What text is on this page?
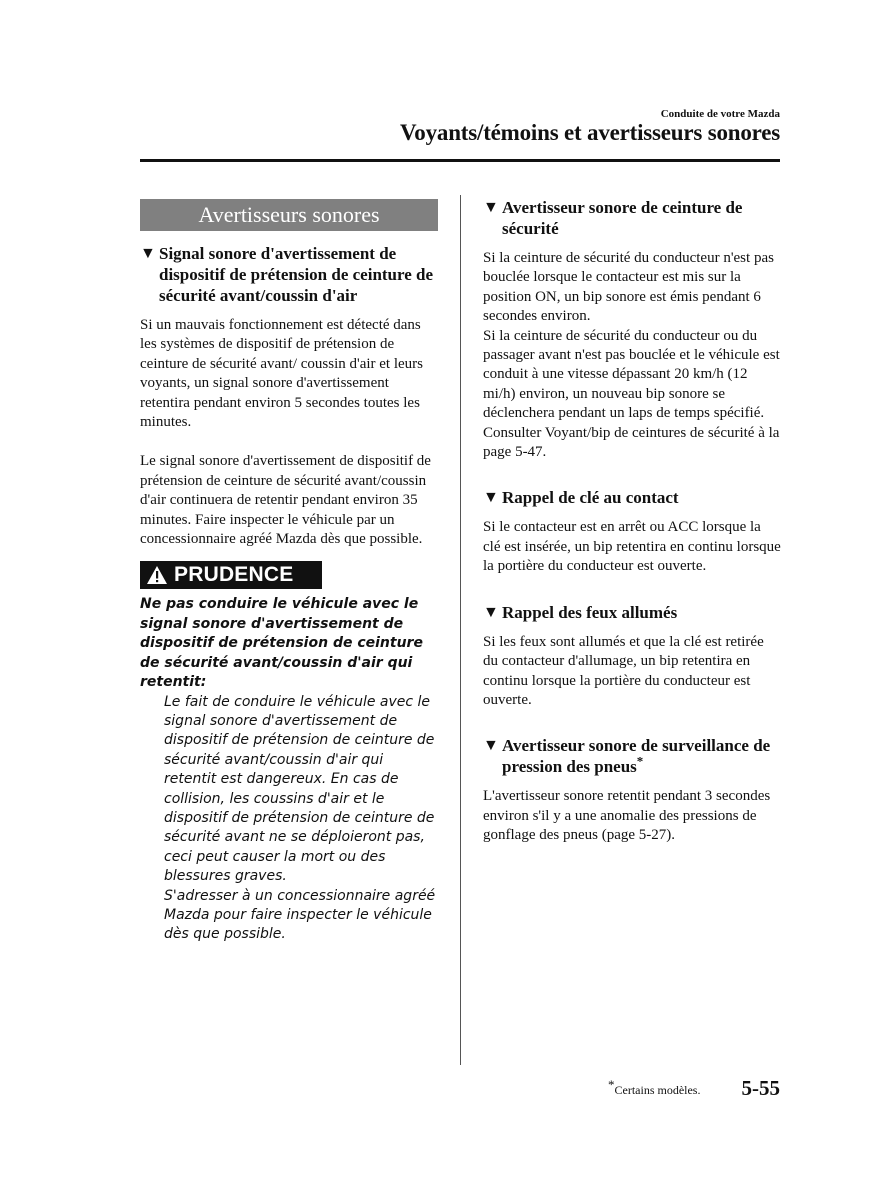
Conduite de votre Mazda
Voyants/témoins et avertisseurs sonores
Avertisseurs sonores
▼ Signal sonore d'avertissement de dispositif de prétension de ceinture de sécurité avant/coussin d'air

Si un mauvais fonctionnement est détecté dans les systèmes de dispositif de prétension de ceinture de sécurité avant/ coussin d'air et leurs voyants, un signal sonore d'avertissement retentira pendant environ 5 secondes toutes les minutes.

Le signal sonore d'avertissement de dispositif de prétension de ceinture de sécurité avant/coussin d'air continuera de retentir pendant environ 35 minutes. Faire inspecter le véhicule par un concessionnaire agréé Mazda dès que possible.

PRUDENCE

Ne pas conduire le véhicule avec le signal sonore d'avertissement de dispositif de prétension de ceinture de sécurité avant/coussin d'air qui retentit:

Le fait de conduire le véhicule avec le signal sonore d'avertissement de dispositif de prétension de ceinture de sécurité avant/coussin d'air qui retentit est dangereux. En cas de collision, les coussins d'air et le dispositif de prétension de ceinture de sécurité avant ne se déploieront pas, ceci peut causer la mort ou des blessures graves.

S'adresser à un concessionnaire agréé Mazda pour faire inspecter le véhicule dès que possible.

▼ Avertisseur sonore de ceinture de sécurité

Si la ceinture de sécurité du conducteur n'est pas bouclée lorsque le contacteur est mis sur la position ON, un bip sonore est émis pendant 6 secondes environ.

Si la ceinture de sécurité du conducteur ou du passager avant n'est pas bouclée et le véhicule est conduit à une vitesse dépassant 20 km/h (12 mi/h) environ, un nouveau bip sonore se déclenchera pendant un laps de temps spécifié.

Consulter Voyant/bip de ceintures de sécurité à la page 5-47.

▼ Rappel de clé au contact

Si le contacteur est en arrêt ou ACC lorsque la clé est insérée, un bip retentira en continu lorsque la portière du conducteur est ouverte.

▼ Rappel des feux allumés

Si les feux sont allumés et que la clé est retirée du contacteur d'allumage, un bip retentira en continu lorsque la portière du conducteur est ouverte.

▼ Avertisseur sonore de surveillance de pression des pneus*

L'avertisseur sonore retentit pendant 3 secondes environ s'il y a une anomalie des pressions de gonflage des pneus (page 5-27).

*Certains modèles. 5-55
